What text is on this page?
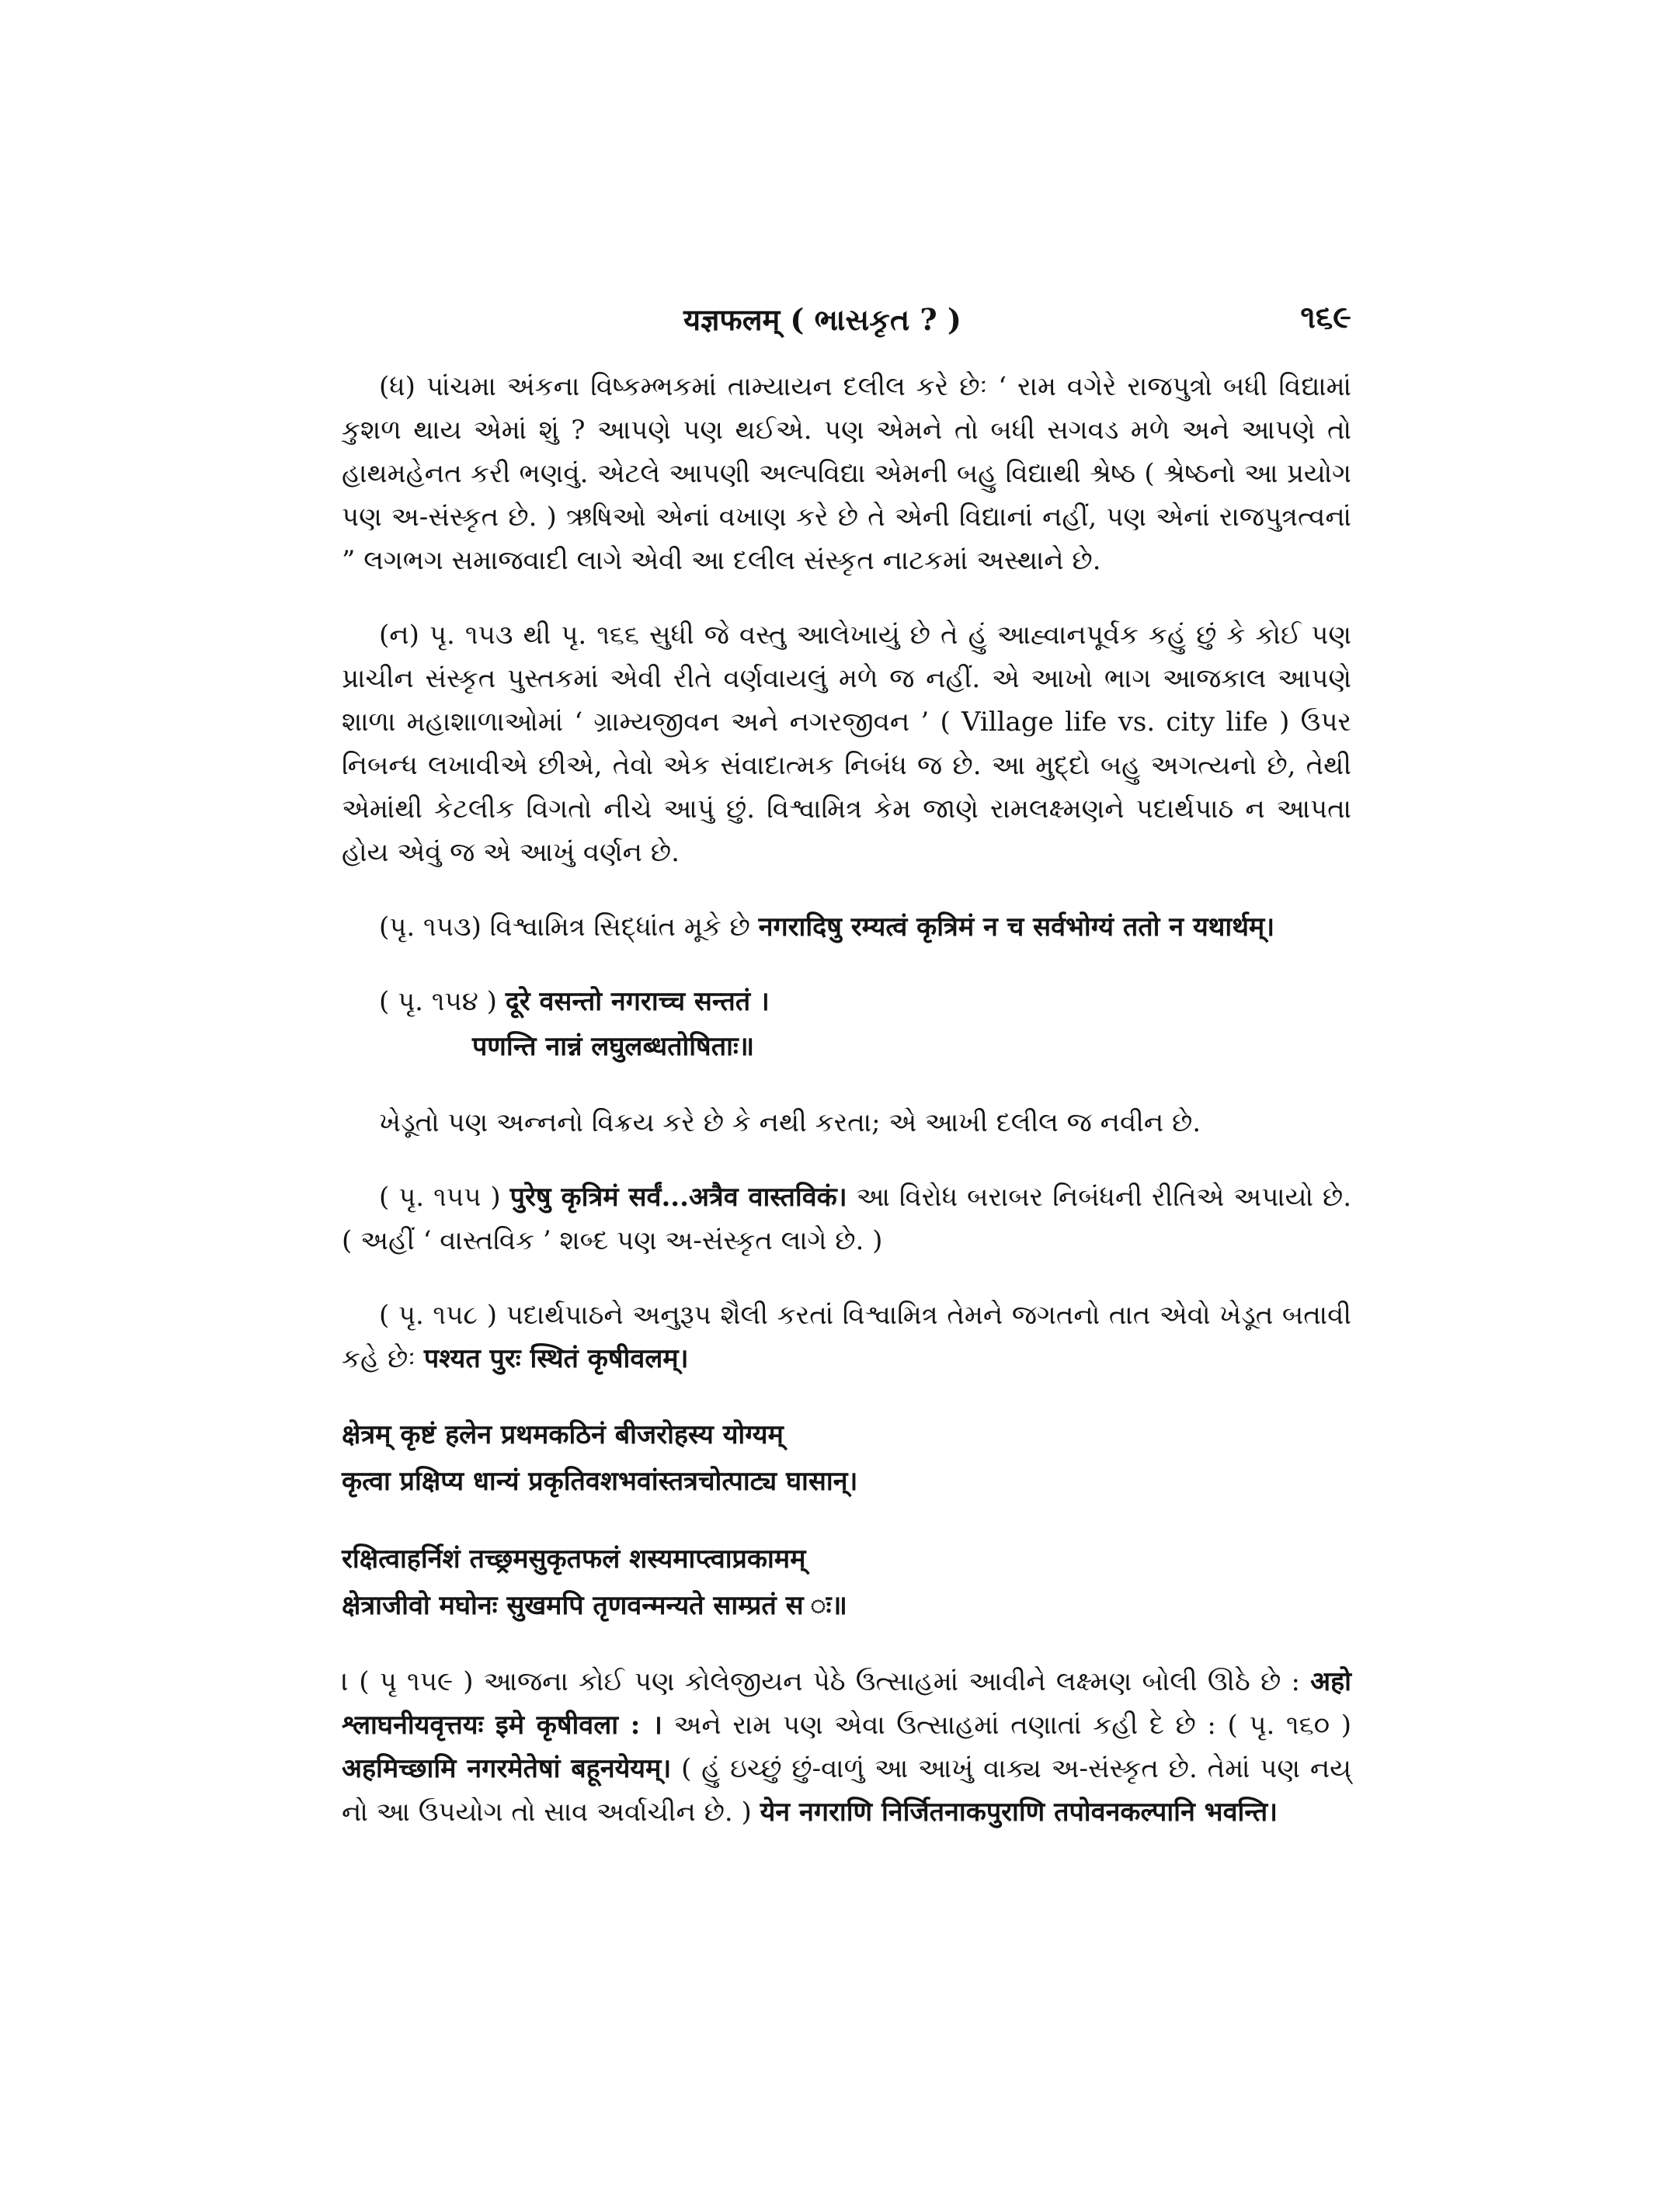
यज्ञफलम् ( ભાસકૃત ? )	૧૬૯

(ધ) પાંચમા અંકના વિષ્કમ્ભકમાં તામ્યાયન દલીલ કરે છેઃ ‘ રામ વગેરે રાજપુત્રો બધી વિદ્યામાં કુશળ થાય એમાં શું ? આપણે પણ થઈએ. પણ એમને તો બધી સગવડ મળે અને આપણે તો હાથમહેનત કરી ભણવું. એટલે આપણી અલ્પવિદ્યા એમની બહુ વિદ્યાથી શ્રેષ્ઠ ( શ્રેષ્ઠનો આ પ્રયોગ પણ અ-સંસ્કૃત છે. ) ઋષિઓ એનાં વખાણ કરે છે તે એની વિદ્યાનાં નહીં, પણ એનાં રાજપુત્રત્વનાં ” લગભગ સમાજવાદી લાગે એવી આ દલીલ સંસ્કૃત નાટકમાં અસ્થાને છે.

(ન) પૃ. ૧૫૩ થી પૃ. ૧૬૬ સુધી જે વસ્તુ આલેખાયું છે તે હું આહ્વાનપૂર્વક કહું છું કે કોઈ પણ પ્રાચીન સંસ્કૃત પુસ્તકમાં એવી રીતે વર્ણવાયલું મળે જ નહીં. એ આખો ભાગ આજકાલ આપણે શાળા મહાશાળાઓમાં ‘ ગ્રામ્યજીવન અને નગરજીવન ’ ( Village life vs. city life ) ઉપર નિબન્ધ લખાવીએ છીએ, તેવો એક સંવાદાત્મક નિબંધ જ છે. આ મુદ્દો બહુ અગત્યનો છે, તેથી એમાંથી કેટલીક વિગતો નીચે આપું છું. વિશ્વામિત્ર કેમ જાણે રામલક્ષ્મણને પદાર્થપાઠ ન આપતા હોય એવું જ એ આખું વર્ણન છે.

(પૃ. ૧૫૩) વિશ્વામિત્ર સિદ્ધાંત મૂકે છે नगरादिषु रम्यत्वं कृत्रिमं न च सर्वभोग्यं ततो न यथार्थम्।

( પૃ. ૧૫૪ ) दूरे वसन्तो नगराच्च सन्ततं ।
पणन्ति नान्नं लघुलब्धतोषिताः॥

ખેડૂતો પણ અન્નનો વિક્રય કરે છે કે નથી કરતા; એ આખી દલીલ જ નવીન છે.

( પૃ. ૧૫૫ ) पुरेषु कृत्रिमं सर्वं...अत्रैव वास्तविकं। આ વિરોધ બરાબર નિબંધની રીતિએ અપાયો છે. ( અહીં ‘ વાસ્તવિક ’ શબ્દ પણ અ-સંસ્કૃત લાગે છે. )

( પૃ. ૧૫૮ ) પદાર્થપાઠને અનુરૂપ શૈલી કરતાં વિશ્વામિત્ર તેમને જગતનો તાત એવો ખેડૂત બતાવી કહે છેઃ पश्यत पुरः स्थितं कृषीवलम्।

क्षेत्रम् कृष्टं हलेन प्रथमकठिनं बीजरोहस्य योग्यम्
कृत्वा प्रक्षिप्य धान्यं प्रकृतिवशभवांस्तत्रचोत्पाट्य घासान्।
रक्षित्वाहर्निशं तच्छ्रमसुकृतफलं शस्यमाप्त्वाप्रकामम्
क्षेत्राजीवो मघोनः सुखमपि तृणवन्मन्यते साम्प्रतं स ः॥

। ( પૃ ૧૫૯ ) આજના કોઈ પણ કોલેજીયન પેઠે ઉત્સાહમાં આવીને લક્ષ્મણ બોલી ઊઠે છે : अहो श्लाघनीयवृत्तयः इमे कृषीवला : । અને રામ પણ એવા ઉત્સાહમાં તણાતાં કહી દે છે : ( પૃ. ૧૬૦ ) अहमिच्छामि नगरमेतेषां बहूनयेयम्। ( હું ઇચ્છું છું-વાળું આ આખું વાક્ય અ-સંસ્કૃત છે. તેમાં પણ નય્ નો આ ઉપયોગ તો સાવ અર્વાચીન છે. ) येन नगराणि निर्जितनाकपुराणि तपोवनकल्पानि भवन्ति।
